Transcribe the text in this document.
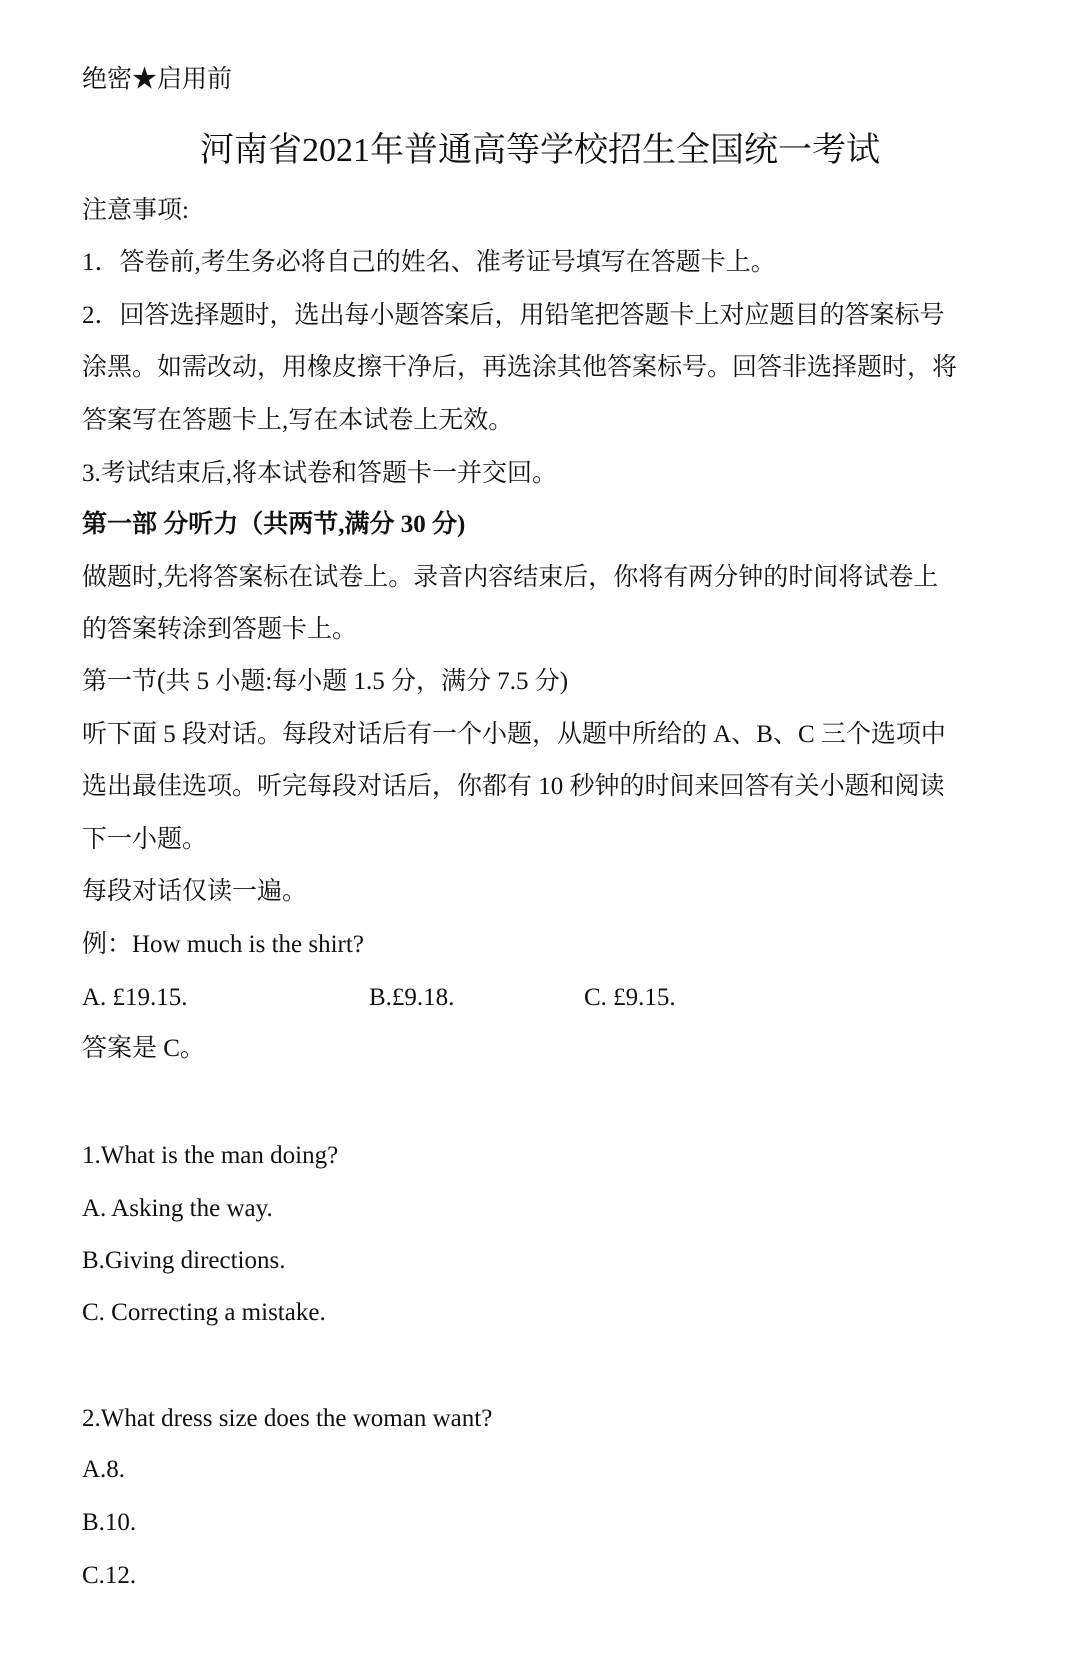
绝密★启用前
河南省2021年普通高等学校招生全国统一考试
注意事项:
1．答卷前,考生务必将自己的姓名、准考证号填写在答题卡上。
2．回答选择题时，选出每小题答案后，用铅笔把答题卡上对应题目的答案标号
涂黑。如需改动，用橡皮擦干净后，再选涂其他答案标号。回答非选择题时，将
答案写在答题卡上,写在本试卷上无效。
3.考试结束后,将本试卷和答题卡一并交回。
第一部 分听力（共两节,满分 30 分)
做题时,先将答案标在试卷上。录音内容结束后，你将有两分钟的时间将试卷上
的答案转涂到答题卡上。
第一节(共 5 小题:每小题 1.5 分，满分 7.5 分)
听下面 5 段对话。每段对话后有一个小题，从题中所给的 A、B、C 三个选项中
选出最佳选项。听完每段对话后，你都有 10 秒钟的时间来回答有关小题和阅读
下一小题。
每段对话仅读一遍。
例：How much is the shirt?
A. £19.15.	B.£9.18.	C. £9.15.
答案是 C。
1.What is the man doing?
A. Asking the way.
B.Giving directions.
C. Correcting a mistake.
2.What dress size does the woman want?
A.8.
B.10.
C.12.
